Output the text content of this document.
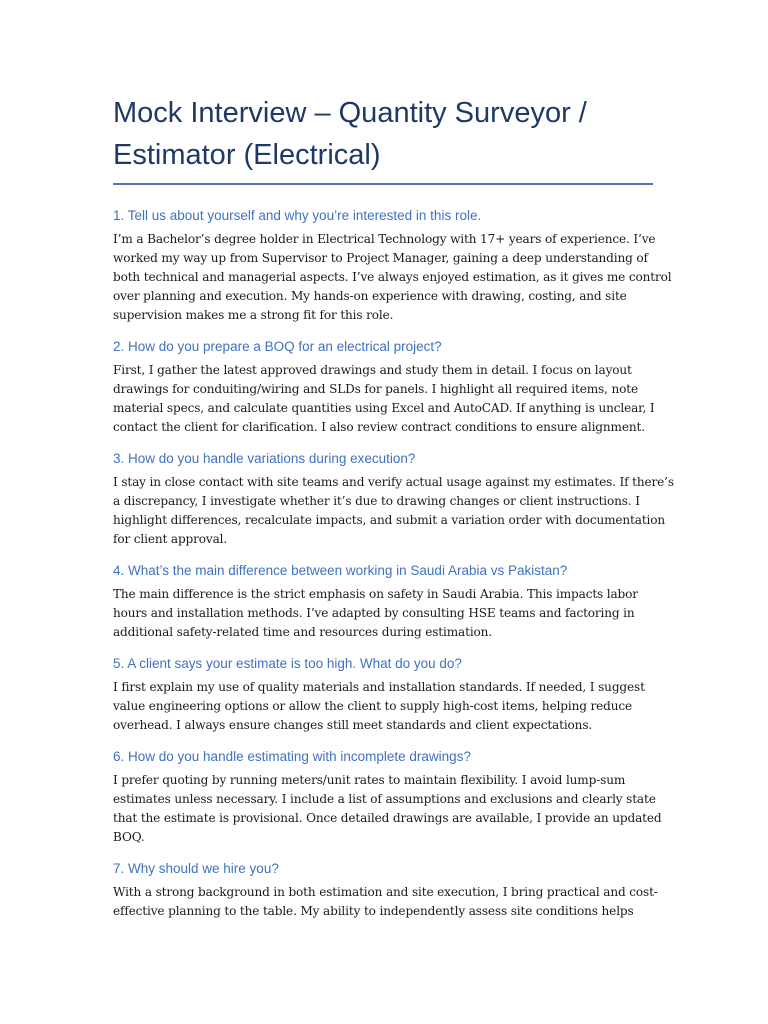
Mock Interview – Quantity Surveyor /
Estimator (Electrical)
1. Tell us about yourself and why you’re interested in this role.

I’m a Bachelor’s degree holder in Electrical Technology with 17+ years of experience. I’ve
worked my way up from Supervisor to Project Manager, gaining a deep understanding of
both technical and managerial aspects. I’ve always enjoyed estimation, as it gives me control
over planning and execution. My hands-on experience with drawing, costing, and site
supervision makes me a strong fit for this role.

2. How do you prepare a BOQ for an electrical project?

First, I gather the latest approved drawings and study them in detail. I focus on layout
drawings for conduiting/wiring and SLDs for panels. I highlight all required items, note
material specs, and calculate quantities using Excel and AutoCAD. If anything is unclear, I
contact the client for clarification. I also review contract conditions to ensure alignment.

3. How do you handle variations during execution?

I stay in close contact with site teams and verify actual usage against my estimates. If there’s
a discrepancy, I investigate whether it’s due to drawing changes or client instructions. I
highlight differences, recalculate impacts, and submit a variation order with documentation
for client approval.

4. What’s the main difference between working in Saudi Arabia vs Pakistan?

The main difference is the strict emphasis on safety in Saudi Arabia. This impacts labor
hours and installation methods. I’ve adapted by consulting HSE teams and factoring in
additional safety-related time and resources during estimation.

5. A client says your estimate is too high. What do you do?

I first explain my use of quality materials and installation standards. If needed, I suggest
value engineering options or allow the client to supply high-cost items, helping reduce
overhead. I always ensure changes still meet standards and client expectations.

6. How do you handle estimating with incomplete drawings?

I prefer quoting by running meters/unit rates to maintain flexibility. I avoid lump-sum
estimates unless necessary. I include a list of assumptions and exclusions and clearly state
that the estimate is provisional. Once detailed drawings are available, I provide an updated
BOQ.

7. Why should we hire you?

With a strong background in both estimation and site execution, I bring practical and cost-
effective planning to the table. My ability to independently assess site conditions helps
